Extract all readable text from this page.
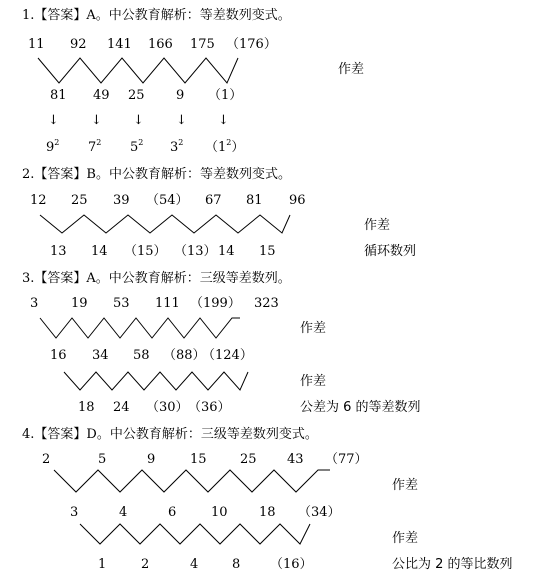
1.【答案】A。中公教育解析：等差数列变式。
11 92 141 166 175 （176）
作差
81 49 25 9 （1）
↓ ↓ ↓ ↓ ↓
$9^2$ $7^2$ $5^2$ $3^2$ $(1^2)$
2.【答案】B。中公教育解析：等差数列变式。
12 25 39 （54） 67 81 96
作差
13 14 （15） （13） 14 15	循环数列
3.【答案】A。中公教育解析：三级等差数列。
3	19 53 111 （199） 323
作差
16 34 58 （88）
（124）
作差
18 24 （30） （36）	公差为 6 的等差数列
4.【答案】D。中公教育解析：三级等差数列变式。
2	5	9	15	25 43 （77）
作差
3	4	6	10 18 （34）
作差
1	2	4	8 （16）	公比为 2 的等比数列
